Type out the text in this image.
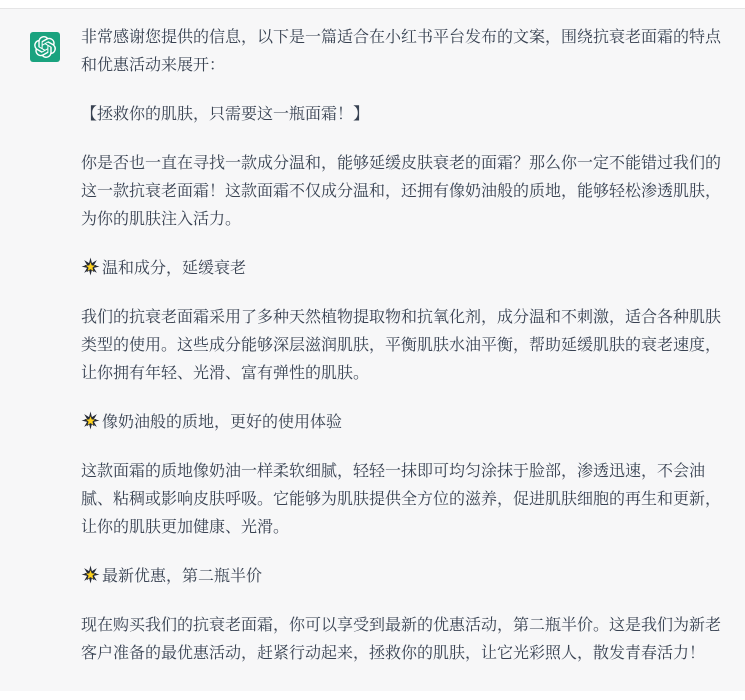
非常感谢您提供的信息，以下是一篇适合在小红书平台发布的文案，围绕抗衰老面霜的特点和优惠活动来展开：

【拯救你的肌肤，只需要这一瓶面霜！】

你是否也一直在寻找一款成分温和，能够延缓皮肤衰老的面霜？那么你一定不能错过我们的这一款抗衰老面霜！这款面霜不仅成分温和，还拥有像奶油般的质地，能够轻松渗透肌肤，为你的肌肤注入活力。

温和成分，延缓衰老

我们的抗衰老面霜采用了多种天然植物提取物和抗氧化剂，成分温和不刺激，适合各种肌肤类型的使用。这些成分能够深层滋润肌肤，平衡肌肤水油平衡，帮助延缓肌肤的衰老速度，让你拥有年轻、光滑、富有弹性的肌肤。

像奶油般的质地，更好的使用体验

这款面霜的质地像奶油一样柔软细腻，轻轻一抹即可均匀涂抹于脸部，渗透迅速，不会油腻、粘稠或影响皮肤呼吸。它能够为肌肤提供全方位的滋养，促进肌肤细胞的再生和更新，让你的肌肤更加健康、光滑。

最新优惠，第二瓶半价

现在购买我们的抗衰老面霜，你可以享受到最新的优惠活动，第二瓶半价。这是我们为新老客户准备的最优惠活动，赶紧行动起来，拯救你的肌肤，让它光彩照人，散发青春活力！
